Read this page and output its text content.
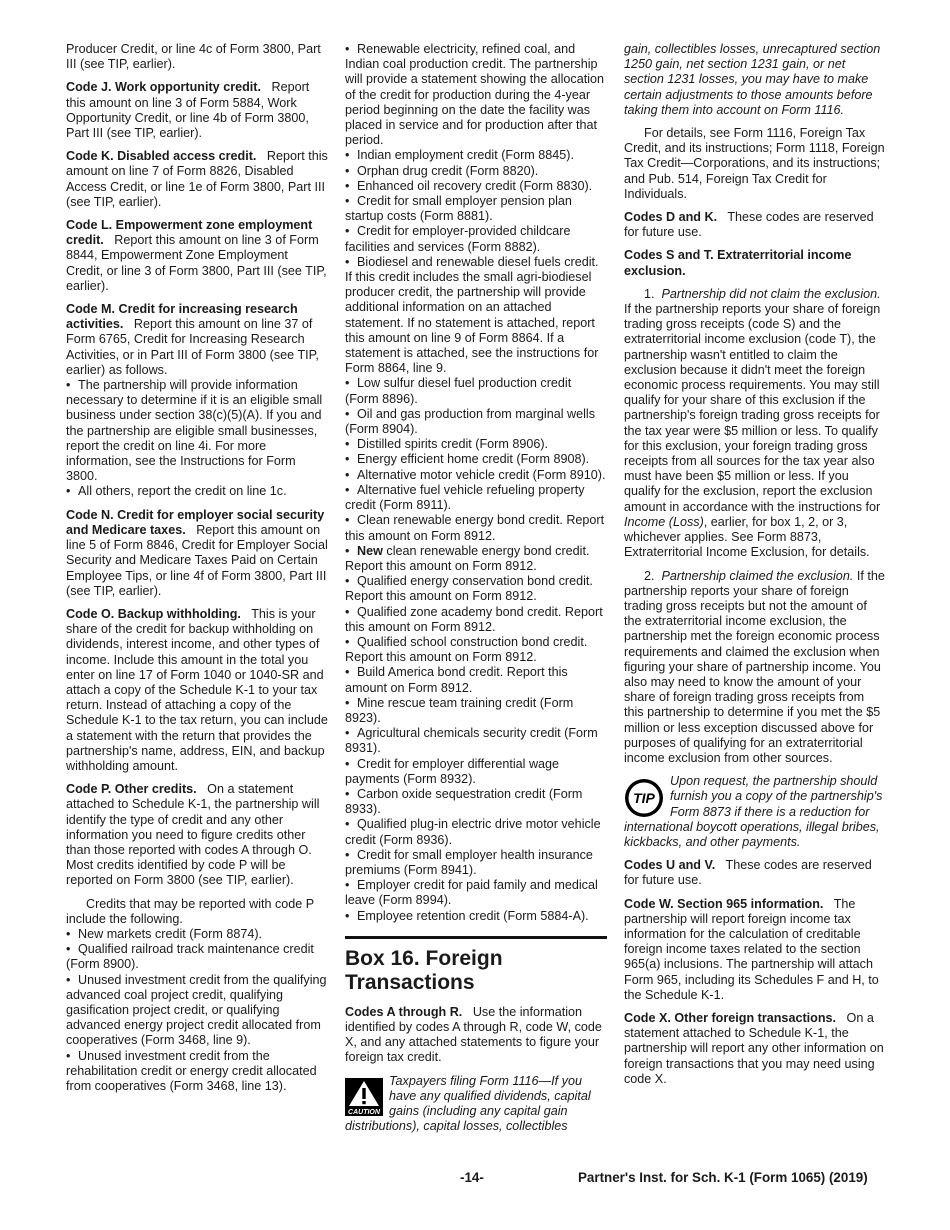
Producer Credit, or line 4c of Form 3800, Part III (see TIP, earlier).

Code J. Work opportunity credit. Report this amount on line 3 of Form 5884, Work Opportunity Credit, or line 4b of Form 3800, Part III (see TIP, earlier).

Code K. Disabled access credit. Report this amount on line 7 of Form 8826, Disabled Access Credit, or line 1e of Form 3800, Part III (see TIP, earlier).

Code L. Empowerment zone employment credit. Report this amount on line 3 of Form 8844, Empowerment Zone Employment Credit, or line 3 of Form 3800, Part III (see TIP, earlier).

Code M. Credit for increasing research activities. Report this amount on line 37 of Form 6765, Credit for Increasing Research Activities, or in Part III of Form 3800 (see TIP, earlier) as follows.

• The partnership will provide information necessary to determine if it is an eligible small business under section 38(c)(5)(A). If you and the partnership are eligible small businesses, report the credit on line 4i. For more information, see the Instructions for Form 3800.
• All others, report the credit on line 1c.

Code N. Credit for employer social security and Medicare taxes. Report this amount on line 5 of Form 8846, Credit for Employer Social Security and Medicare Taxes Paid on Certain Employee Tips, or line 4f of Form 3800, Part III (see TIP, earlier).

Code O. Backup withholding. This is your share of the credit for backup withholding on dividends, interest income, and other types of income. Include this amount in the total you enter on line 17 of Form 1040 or 1040-SR and attach a copy of the Schedule K-1 to your tax return. Instead of attaching a copy of the Schedule K-1 to the tax return, you can include a statement with the return that provides the partnership's name, address, EIN, and backup withholding amount.

Code P. Other credits. On a statement attached to Schedule K-1, the partnership will identify the type of credit and any other information you need to figure credits other than those reported with codes A through O. Most credits identified by code P will be reported on Form 3800 (see TIP, earlier).

Credits that may be reported with code P include the following.

• New markets credit (Form 8874).
• Qualified railroad track maintenance credit (Form 8900).
• Unused investment credit from the qualifying advanced coal project credit, qualifying gasification project credit, or qualifying advanced energy project credit allocated from cooperatives (Form 3468, line 9).
• Unused investment credit from the rehabilitation credit or energy credit allocated from cooperatives (Form 3468, line 13).
• Renewable electricity, refined coal, and Indian coal production credit. The partnership will provide a statement showing the allocation of the credit for production during the 4-year period beginning on the date the facility was placed in service and for production after that period.
• Indian employment credit (Form 8845).
• Orphan drug credit (Form 8820).
• Enhanced oil recovery credit (Form 8830).
• Credit for small employer pension plan startup costs (Form 8881).
• Credit for employer-provided childcare facilities and services (Form 8882).
• Biodiesel and renewable diesel fuels credit. If this credit includes the small agri-biodiesel producer credit, the partnership will provide additional information on an attached statement. If no statement is attached, report this amount on line 9 of Form 8864. If a statement is attached, see the instructions for Form 8864, line 9.
• Low sulfur diesel fuel production credit (Form 8896).
• Oil and gas production from marginal wells (Form 8904).
• Distilled spirits credit (Form 8906).
• Energy efficient home credit (Form 8908).
• Alternative motor vehicle credit (Form 8910).
• Alternative fuel vehicle refueling property credit (Form 8911).
• Clean renewable energy bond credit. Report this amount on Form 8912.
• New clean renewable energy bond credit. Report this amount on Form 8912.
• Qualified energy conservation bond credit. Report this amount on Form 8912.
• Qualified zone academy bond credit. Report this amount on Form 8912.
• Qualified school construction bond credit. Report this amount on Form 8912.
• Build America bond credit. Report this amount on Form 8912.
• Mine rescue team training credit (Form 8923).
• Agricultural chemicals security credit (Form 8931).
• Credit for employer differential wage payments (Form 8932).
• Carbon oxide sequestration credit (Form 8933).
• Qualified plug-in electric drive motor vehicle credit (Form 8936).
• Credit for small employer health insurance premiums (Form 8941).
• Employer credit for paid family and medical leave (Form 8994).
• Employee retention credit (Form 5884-A).
Box 16. Foreign Transactions

Codes A through R. Use the information identified by codes A through R, code W, code X, and any attached statements to figure your foreign tax credit.

CAUTION
Taxpayers filing Form 1116—If you have any qualified dividends, capital gains (including any capital gain distributions), capital losses, collectibles

gain, collectibles losses, unrecaptured section 1250 gain, net section 1231 gain, or net section 1231 losses, you may have to make certain adjustments to those amounts before taking them into account on Form 1116.

For details, see Form 1116, Foreign Tax Credit, and its instructions; Form 1118, Foreign Tax Credit—Corporations, and its instructions; and Pub. 514, Foreign Tax Credit for Individuals.

Codes D and K. These codes are reserved for future use.

Codes S and T. Extraterritorial income exclusion.

1. Partnership did not claim the exclusion. If the partnership reports your share of foreign trading gross receipts (code S) and the extraterritorial income exclusion (code T), the partnership wasn't entitled to claim the exclusion because it didn't meet the foreign economic process requirements. You may still qualify for your share of this exclusion if the partnership's foreign trading gross receipts for the tax year were $5 million or less. To qualify for this exclusion, your foreign trading gross receipts from all sources for the tax year also must have been $5 million or less. If you qualify for the exclusion, report the exclusion amount in accordance with the instructions for Income (Loss), earlier, for box 1, 2, or 3, whichever applies. See Form 8873, Extraterritorial Income Exclusion, for details.

2. Partnership claimed the exclusion. If the partnership reports your share of foreign trading gross receipts but not the amount of the extraterritorial income exclusion, the partnership met the foreign economic process requirements and claimed the exclusion when figuring your share of partnership income. You also may need to know the amount of your share of foreign trading gross receipts from this partnership to determine if you met the $5 million or less exception discussed above for purposes of qualifying for an extraterritorial income exclusion from other sources.

TIP
Upon request, the partnership should furnish you a copy of the partnership's Form 8873 if there is a reduction for international boycott operations, illegal bribes, kickbacks, and other payments.

Codes U and V. These codes are reserved for future use.

Code W. Section 965 information. The partnership will report foreign income tax information for the calculation of creditable foreign income taxes related to the section 965(a) inclusions. The partnership will attach Form 965, including its Schedules F and H, to the Schedule K-1.

Code X. Other foreign transactions. On a statement attached to Schedule K-1, the partnership will report any other information on foreign transactions that you may need using code X.

-14-	Partner's Inst. for Sch. K-1 (Form 1065) (2019)
